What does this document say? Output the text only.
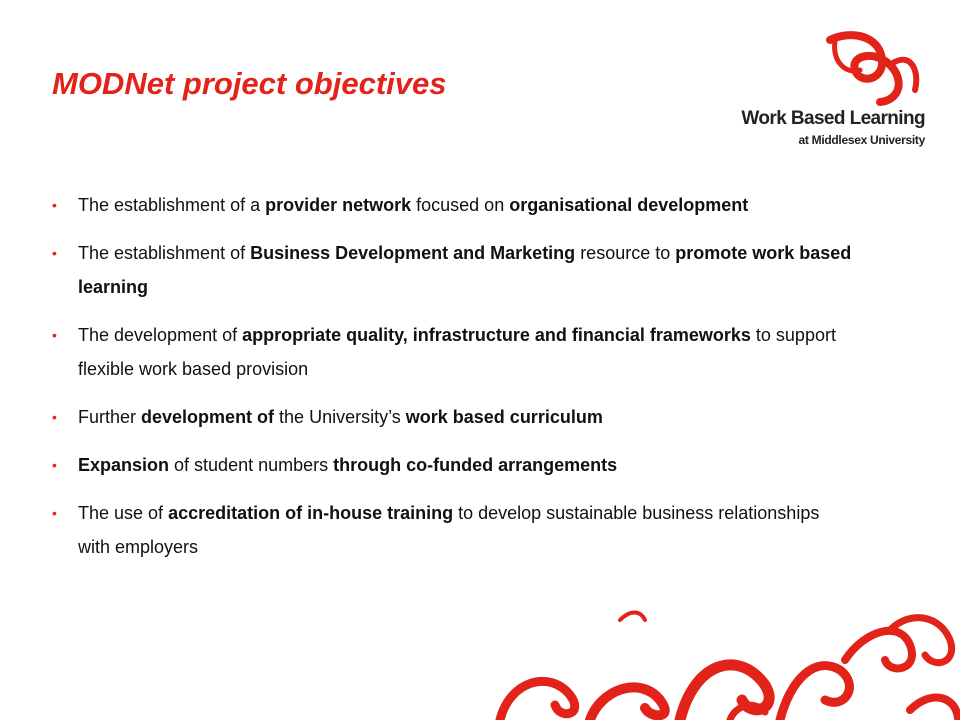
MODNet project objectives
Work Based Learning
at Middlesex University
• The establishment of a provider network focused on organisational development
• The establishment of Business Development and Marketing resource to promote work based learning
• The development of appropriate quality, infrastructure and financial frameworks to support flexible work based provision
• Further development of the University’s work based curriculum
• Expansion of student numbers through co-funded arrangements
• The use of accreditation of in-house training to develop sustainable business relationships with employers
